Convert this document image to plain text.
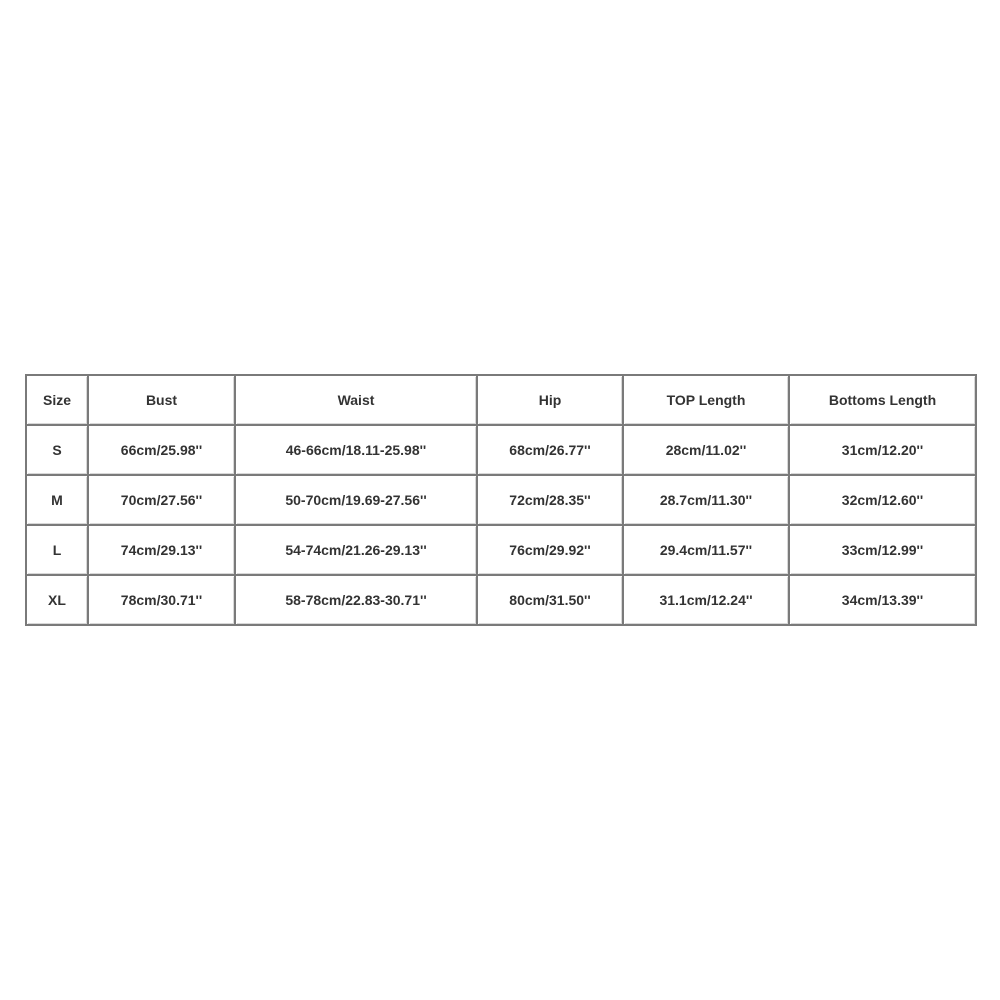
Size	Bust	Waist	Hip	TOP Length	Bottoms Length

S	66cm/25.98''	46-66cm/18.11-25.98''	68cm/26.77''	28cm/11.02''	31cm/12.20''

M	70cm/27.56''	50-70cm/19.69-27.56''	72cm/28.35''	28.7cm/11.30''	32cm/12.60''

L	74cm/29.13''	54-74cm/21.26-29.13''	76cm/29.92''	29.4cm/11.57''	33cm/12.99''

XL	78cm/30.71''	58-78cm/22.83-30.71''	80cm/31.50''	31.1cm/12.24''	34cm/13.39''
